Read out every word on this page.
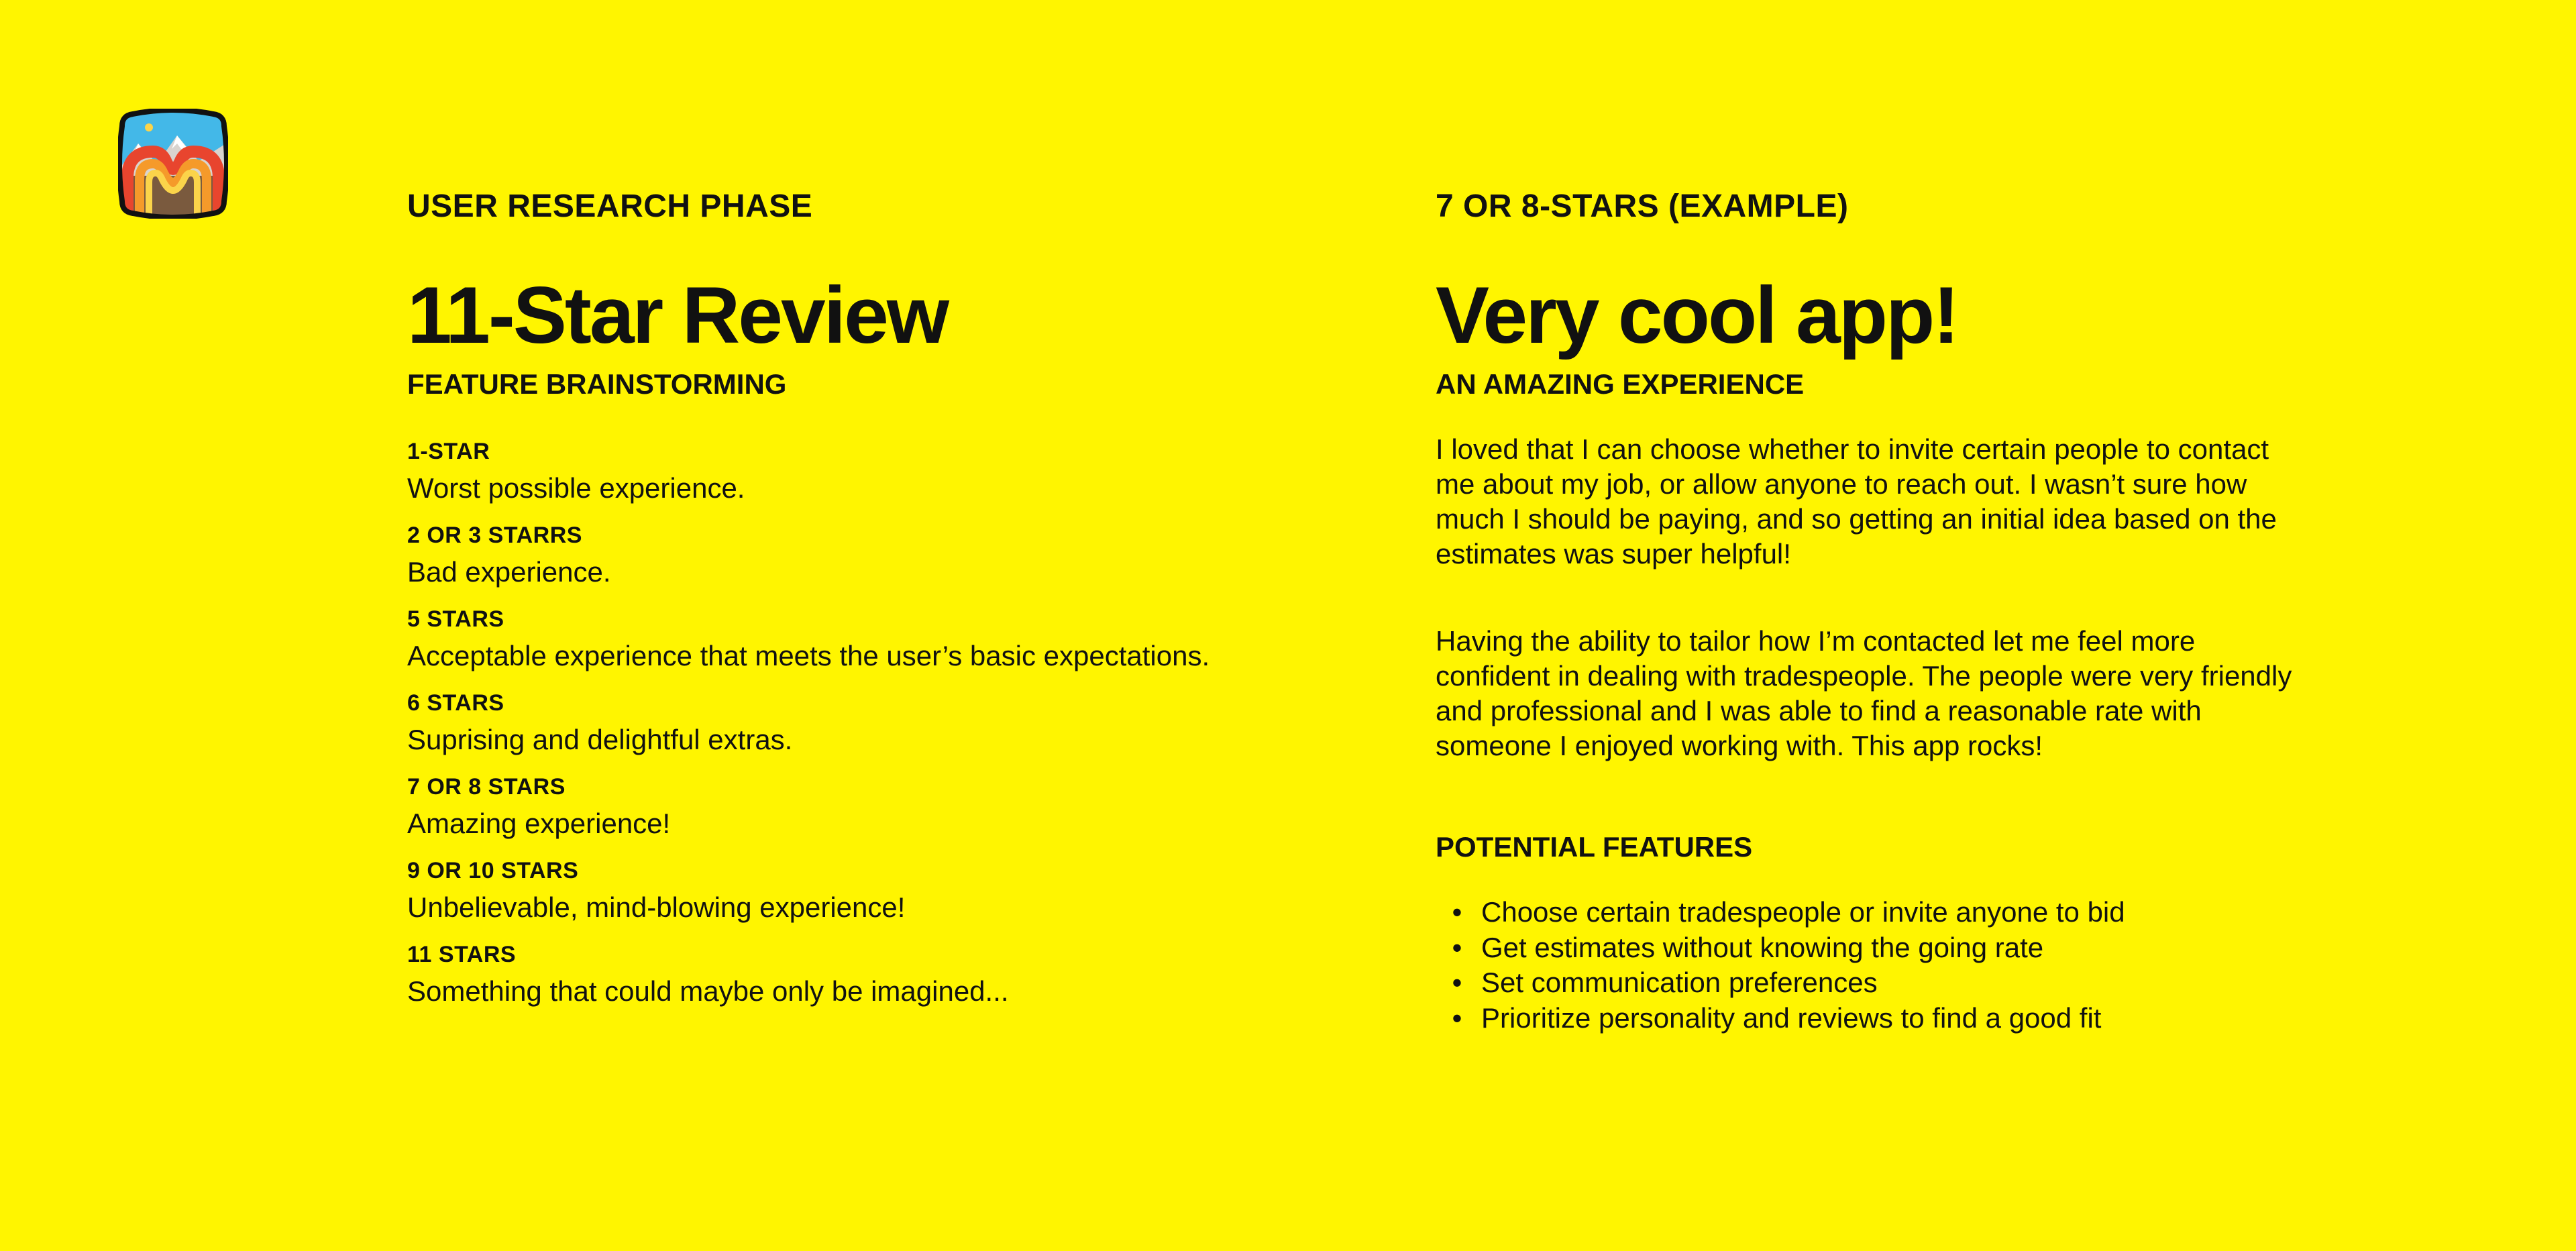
USER RESEARCH PHASE
11-Star Review
FEATURE BRAINSTORMING
1-STAR
Worst possible experience.
2 OR 3 STARRS
Bad experience.
5 STARS
Acceptable experience that meets the user’s basic expectations.
6 STARS
Suprising and delightful extras.
7 OR 8 STARS
Amazing experience!
9 OR 10 STARS
Unbelievable, mind-blowing experience!
11 STARS
Something that could maybe only be imagined...
7 OR 8-STARS (EXAMPLE)
Very cool app!
AN AMAZING EXPERIENCE

I loved that I can choose whether to invite certain people to contact me about my job, or allow anyone to reach out. I wasn’t sure how much I should be paying, and so getting an initial idea based on the estimates was super helpful!

Having the ability to tailor how I’m contacted let me feel more confident in dealing with tradespeople. The people were very friendly and professional and I was able to find a reasonable rate with someone I enjoyed working with. This app rocks!

POTENTIAL FEATURES
• Choose certain tradespeople or invite anyone to bid
• Get estimates without knowing the going rate
• Set communication preferences
• Prioritize personality and reviews to find a good fit
